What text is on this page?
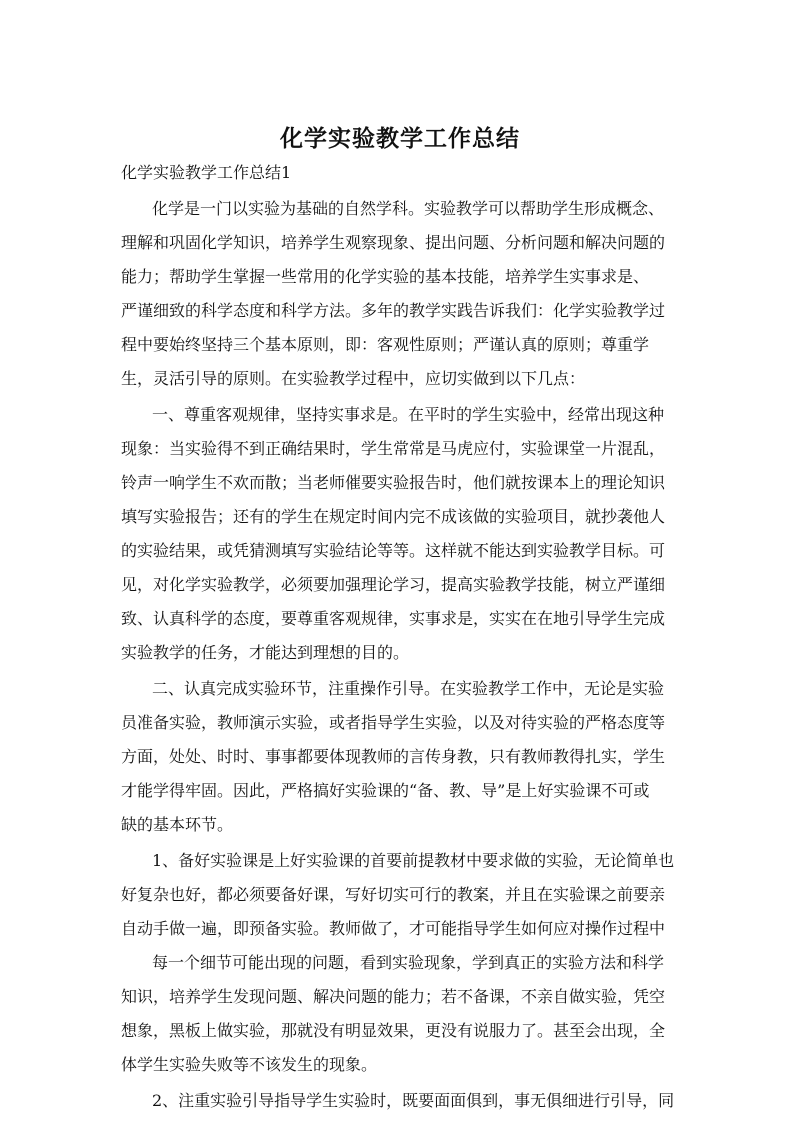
化学实验教学工作总结
化学实验教学工作总结1
化学是一门以实验为基础的自然学科。实验教学可以帮助学生形成概念、
理解和巩固化学知识，培养学生观察现象、提出问题、分析问题和解决问题的
能力；帮助学生掌握一些常用的化学实验的基本技能，培养学生实事求是、
严谨细致的科学态度和科学方法。多年的教学实践告诉我们：化学实验教学过
程中要始终坚持三个基本原则，即：客观性原则；严谨认真的原则；尊重学
生，灵活引导的原则。在实验教学过程中，应切实做到以下几点：
一、尊重客观规律，坚持实事求是。在平时的学生实验中，经常出现这种
现象：当实验得不到正确结果时，学生常常是马虎应付，实验课堂一片混乱，
铃声一响学生不欢而散；当老师催要实验报告时，他们就按课本上的理论知识
填写实验报告；还有的学生在规定时间内完不成该做的实验项目，就抄袭他人
的实验结果，或凭猜测填写实验结论等等。这样就不能达到实验教学目标。可
见，对化学实验教学，必须要加强理论学习，提高实验教学技能，树立严谨细
致、认真科学的态度，要尊重客观规律，实事求是，实实在在地引导学生完成
实验教学的任务，才能达到理想的目的。
二、认真完成实验环节，注重操作引导。在实验教学工作中，无论是实验
员准备实验，教师演示实验，或者指导学生实验，以及对待实验的严格态度等
方面，处处、时时、事事都要体现教师的言传身教，只有教师教得扎实，学生
才能学得牢固。因此，严格搞好实验课的“备、教、导”是上好实验课不可或
缺的基本环节。
1、备好实验课是上好实验课的首要前提教材中要求做的实验，无论简单也
好复杂也好，都必须要备好课，写好切实可行的教案，并且在实验课之前要亲
自动手做一遍，即预备实验。教师做了，才可能指导学生如何应对操作过程中
每一个细节可能出现的问题，看到实验现象，学到真正的实验方法和科学
知识，培养学生发现问题、解决问题的能力；若不备课，不亲自做实验，凭空
想象，黑板上做实验，那就没有明显效果，更没有说服力了。甚至会出现，全
体学生实验失败等不该发生的现象。
2、注重实验引导指导学生实验时，既要面面俱到，事无俱细进行引导，同
